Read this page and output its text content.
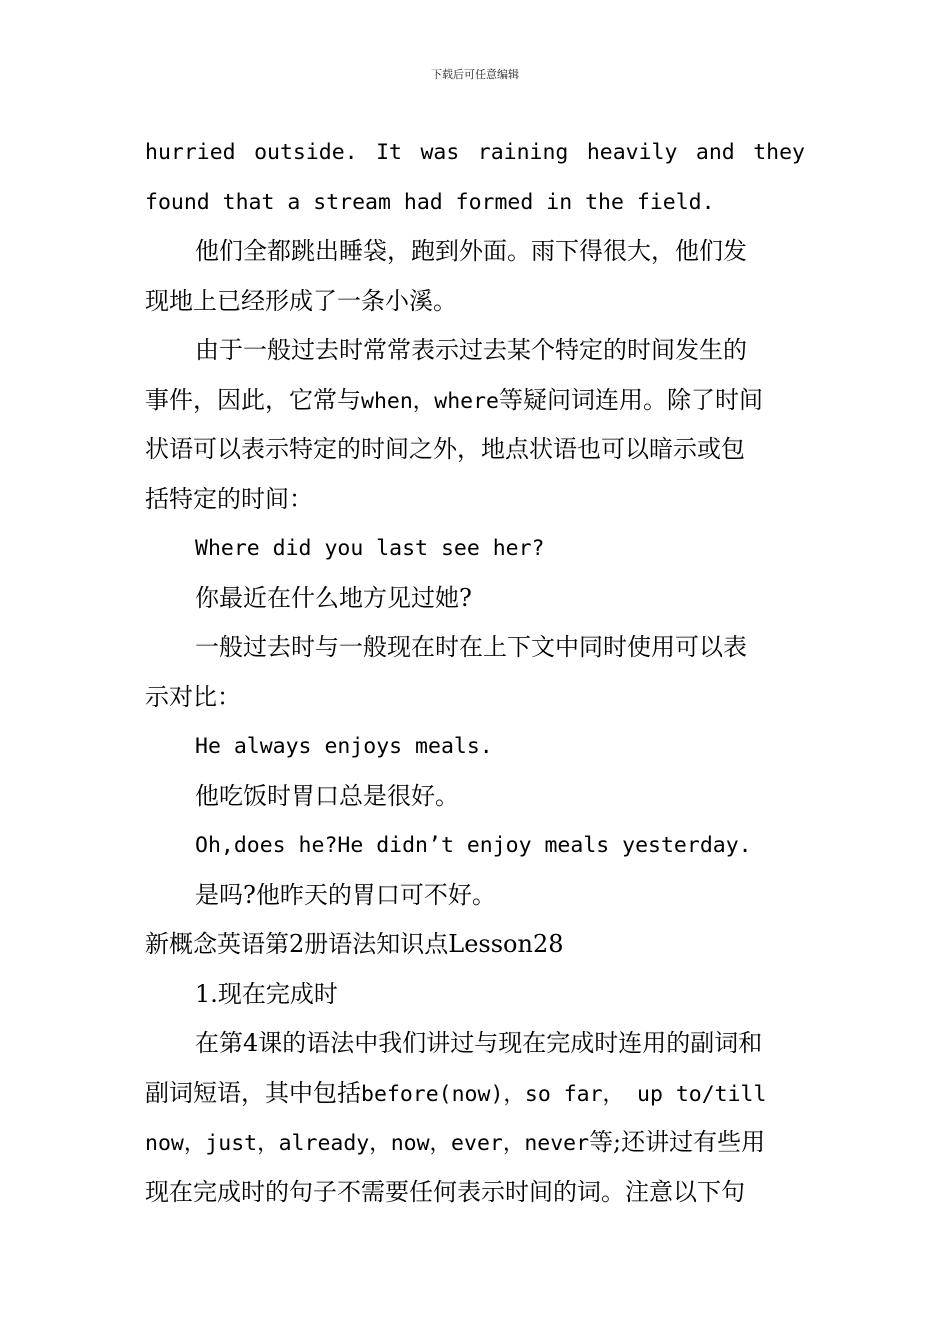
下载后可任意编辑
hurried outside. It was raining heavily and they
found that a stream had formed in the field.
他们全都跳出睡袋，跑到外面。雨下得很大，他们发
现地上已经形成了一条小溪。
由于一般过去时常常表示过去某个特定的时间发生的
事件，因此，它常与when，where等疑问词连用。除了时间
状语可以表示特定的时间之外，地点状语也可以暗示或包
括特定的时间：
Where did you last see her?
你最近在什么地方见过她?
一般过去时与一般现在时在上下文中同时使用可以表
示对比：
He always enjoys meals.
他吃饭时胃口总是很好。
Oh,does he?He didn’t enjoy meals yesterday.
是吗?他昨天的胃口可不好。
新概念英语第2册语法知识点Lesson28
1.现在完成时
在第4课的语法中我们讲过与现在完成时连用的副词和
副词短语，其中包括before(now)，so far， up to/till
now，just，already，now，ever，never等;还讲过有些用
现在完成时的句子不需要任何表示时间的词。注意以下句
